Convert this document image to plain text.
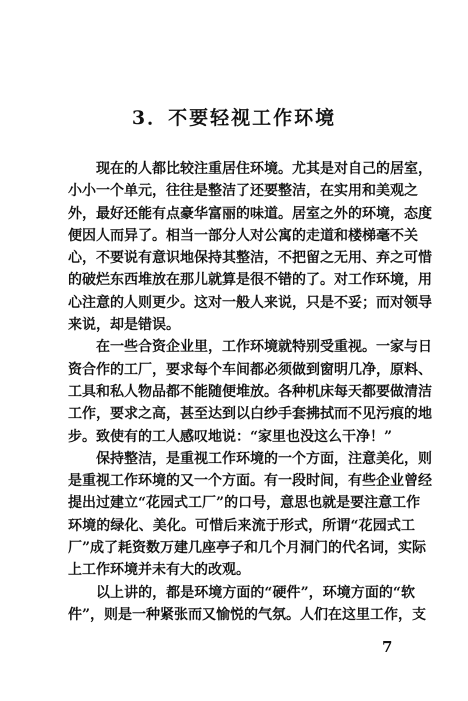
3．不要轻视工作环境
现在的人都比较注重居住环境。尤其是对自己的居室，
小小一个单元，往往是整洁了还要整洁，在实用和美观之
外，最好还能有点豪华富丽的味道。居室之外的环境，态度
便因人而异了。相当一部分人对公寓的走道和楼梯毫不关
心，不要说有意识地保持其整洁，不把留之无用、弃之可惜
的破烂东西堆放在那儿就算是很不错的了。对工作环境，用
心注意的人则更少。这对一般人来说，只是不妥；而对领导
来说，却是错误。
在一些合资企业里，工作环境就特别受重视。一家与日
资合作的工厂，要求每个车间都必须做到窗明几净，原料、
工具和私人物品都不能随便堆放。各种机床每天都要做清洁
工作，要求之高，甚至达到以白纱手套拂拭而不见污痕的地
步。致使有的工人感叹地说：“家里也没这么干净！”
保持整洁，是重视工作环境的一个方面，注意美化，则
是重视工作环境的又一个方面。有一段时间，有些企业曾经
提出过建立“花园式工厂”的口号，意思也就是要注意工作
环境的绿化、美化。可惜后来流于形式，所谓“花园式工
厂”成了耗资数万建几座亭子和几个月洞门的代名词，实际
上工作环境并未有大的改观。
以上讲的，都是环境方面的“硬件”，环境方面的“软
件”，则是一种紧张而又愉悦的气氛。人们在这里工作，支
7
